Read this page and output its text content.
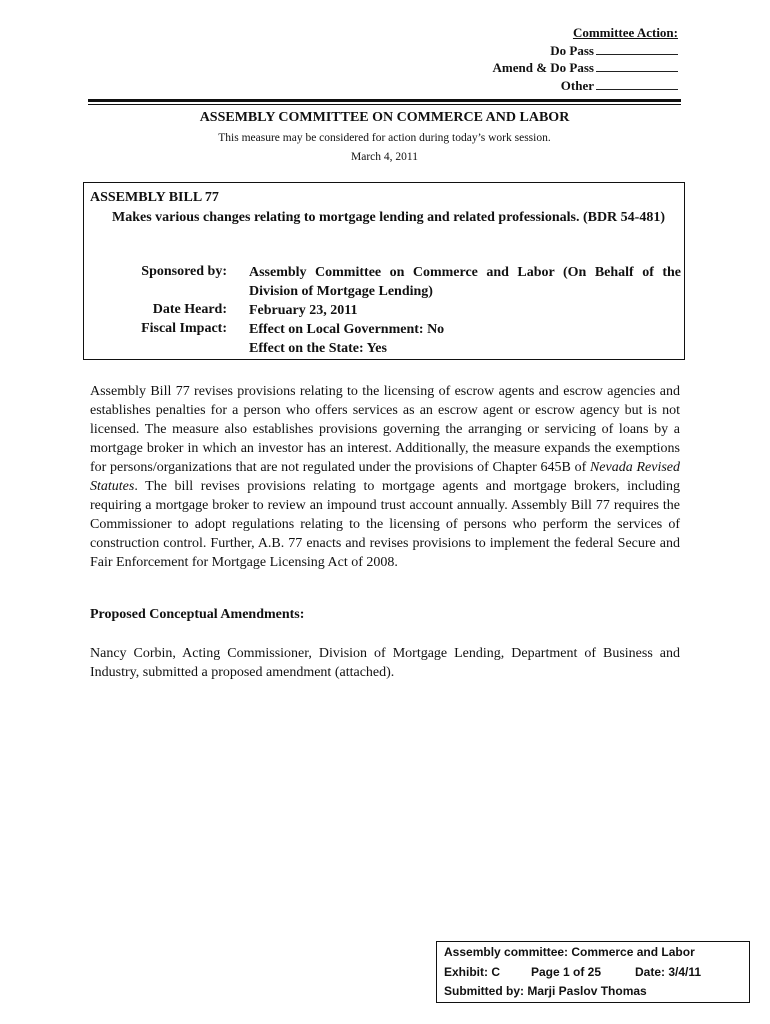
Committee Action:
Do Pass
Amend & Do Pass
Other
ASSEMBLY COMMITTEE ON COMMERCE AND LABOR
This measure may be considered for action during today’s work session.
March 4, 2011
ASSEMBLY BILL 77
Makes various changes relating to mortgage lending and related professionals. (BDR 54-481)
Sponsored by: Assembly Committee on Commerce and Labor (On Behalf of the Division of Mortgage Lending)
Date Heard: February 23, 2011
Fiscal Impact: Effect on Local Government: No
Effect on the State: Yes
Assembly Bill 77 revises provisions relating to the licensing of escrow agents and escrow agencies and establishes penalties for a person who offers services as an escrow agent or escrow agency but is not licensed. The measure also establishes provisions governing the arranging or servicing of loans by a mortgage broker in which an investor has an interest. Additionally, the measure expands the exemptions for persons/organizations that are not regulated under the provisions of Chapter 645B of Nevada Revised Statutes. The bill revises provisions relating to mortgage agents and mortgage brokers, including requiring a mortgage broker to review an impound trust account annually. Assembly Bill 77 requires the Commissioner to adopt regulations relating to the licensing of persons who perform the services of construction control. Further, A.B. 77 enacts and revises provisions to implement the federal Secure and Fair Enforcement for Mortgage Licensing Act of 2008.
Proposed Conceptual Amendments:
Nancy Corbin, Acting Commissioner, Division of Mortgage Lending, Department of Business and Industry, submitted a proposed amendment (attached).
Assembly committee: Commerce and Labor
Exhibit: C	Page 1 of 25	Date: 3/4/11
Submitted by: Marji Paslov Thomas
